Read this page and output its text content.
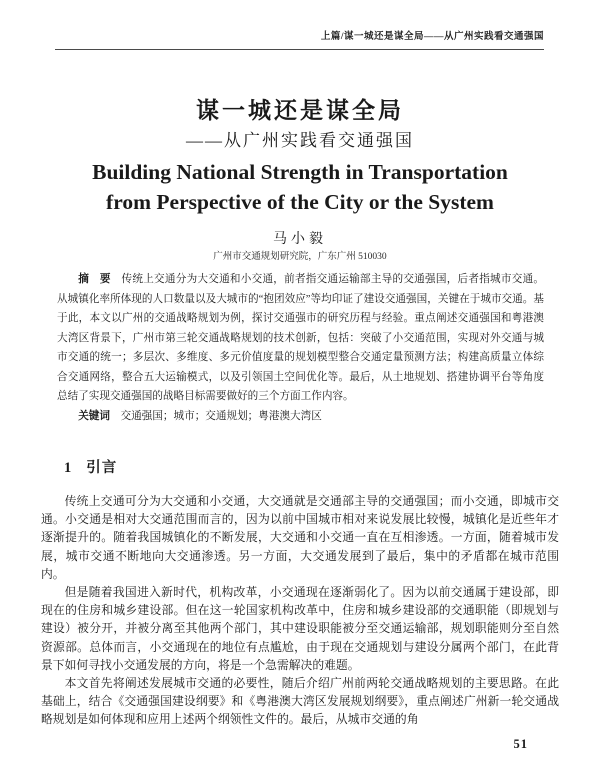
上篇/谋一城还是谋全局——从广州实践看交通强国
谋一城还是谋全局
——从广州实践看交通强国
Building National Strength in Transportation
from Perspective of the City or the System
马小毅
广州市交通规划研究院，广东广州 510030

摘　要　 传统上交通分为大交通和小交通，前者指交通运输部主导的交通强国，后者指城市交通。从城镇化率所体现的人口数量以及大城市的“抱团效应”等均印证了建设交通强国，关键在于城市交通。基于此，本文以广州的交通战略规划为例，探讨交通强市的研究历程与经验。重点阐述交通强国和粤港澳大湾区背景下，广州市第三轮交通战略规划的技术创新，包括：突破了小交通范围，实现对外交通与城市交通的统一；多层次、多维度、多元价值度量的规划模型整合交通定量预测方法；构建高质量立体综合交通网络，整合五大运输模式，以及引领国土空间优化等。最后，从土地规划、搭建协调平台等角度总结了实现交通强国的战略目标需要做好的三个方面工作内容。

关键词　 交通强国；城市；交通规划；粤港澳大湾区

1 引言

传统上交通可分为大交通和小交通，大交通就是交通部主导的交通强国；而小交通，即城市交通。小交通是相对大交通范围而言的，因为以前中国城市相对来说发展比较慢，城镇化是近些年才逐渐提升的。随着我国城镇化的不断发展，大交通和小交通一直在互相渗透。一方面，随着城市发展，城市交通不断地向大交通渗透。另一方面，大交通发展到了最后，集中的矛盾都在城市范围内。

但是随着我国进入新时代，机构改革，小交通现在逐渐弱化了。因为以前交通属于建设部，即现在的住房和城乡建设部。但在这一轮国家机构改革中，住房和城乡建设部的交通职能（即规划与建设）被分开，并被分离至其他两个部门，其中建设职能被分至交通运输部，规划职能则分至自然资源部。总体而言，小交通现在的地位有点尴尬，由于现在交通规划与建设分属两个部门，在此背景下如何寻找小交通发展的方向，将是一个急需解决的难题。

本文首先将阐述发展城市交通的必要性，随后介绍广州前两轮交通战略规划的主要思路。在此基础上，结合《交通强国建设纲要》和《粤港澳大湾区发展规划纲要》，重点阐述广州新一轮交通战略规划是如何体现和应用上述两个纲领性文件的。最后，从城市交通的角

51
